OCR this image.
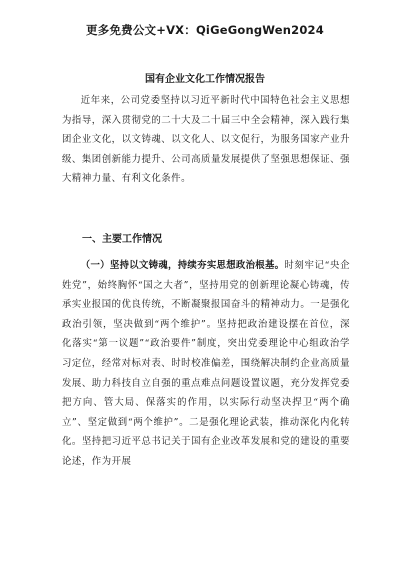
更多免费公文+VX：QiGeGongWen2024
国有企业文化工作情况报告
近年来，公司党委坚持以习近平新时代中国特色社会主义思想为指导，深入贯彻党的二十大及二十届三中全会精神，深入践行集团企业文化，以文铸魂、以文化人、以文促行，为服务国家产业升级、集团创新能力提升、公司高质量发展提供了坚强思想保证、强大精神力量、有利文化条件。
一、主要工作情况
（一）坚持以文铸魂，持续夯实思想政治根基。时刻牢记“央企姓党”，始终胸怀“国之大者”，坚持用党的创新理论凝心铸魂，传承实业报国的优良传统，不断凝聚报国奋斗的精神动力。一是强化政治引领，坚决做到“两个维护”。坚持把政治建设摆在首位，深化落实“第一议题”“政治要件”制度，突出党委理论中心组政治学习定位，经常对标对表、时时校准偏差，围绕解决制约企业高质量发展、助力科技自立自强的重点难点问题设置议题，充分发挥党委把方向、管大局、保落实的作用，以实际行动坚决捍卫“两个确立”、坚定做到“两个维护”。二是强化理论武装，推动深化内化转化。坚持把习近平总书记关于国有企业改革发展和党的建设的重要论述，作为开展
